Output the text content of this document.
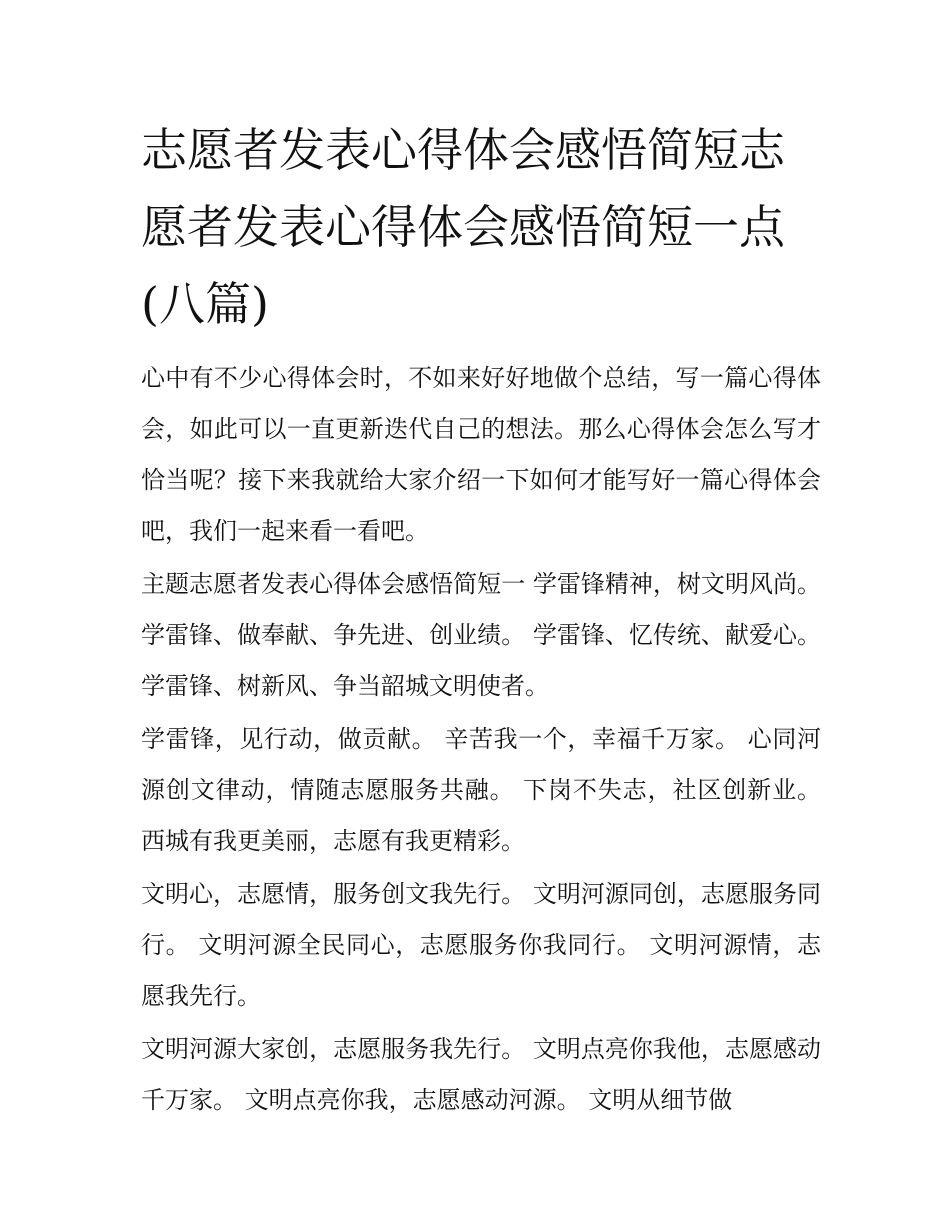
志愿者发表心得体会感悟简短志愿者发表心得体会感悟简短一点(八篇)

心中有不少心得体会时，不如来好好地做个总结，写一篇心得体会，如此可以一直更新迭代自己的想法。那么心得体会怎么写才恰当呢？接下来我就给大家介绍一下如何才能写好一篇心得体会吧，我们一起来看一看吧。

主题志愿者发表心得体会感悟简短一 学雷锋精神，树文明风尚。 学雷锋、做奉献、争先进、创业绩。 学雷锋、忆传统、献爱心。 学雷锋、树新风、争当韶城文明使者。

学雷锋，见行动，做贡献。 辛苦我一个，幸福千万家。 心同河源创文律动，情随志愿服务共融。 下岗不失志，社区创新业。 西城有我更美丽，志愿有我更精彩。

文明心，志愿情，服务创文我先行。 文明河源同创，志愿服务同行。 文明河源全民同心，志愿服务你我同行。 文明河源情，志愿我先行。

文明河源大家创，志愿服务我先行。 文明点亮你我他，志愿感动千万家。 文明点亮你我，志愿感动河源。 文明从细节做
